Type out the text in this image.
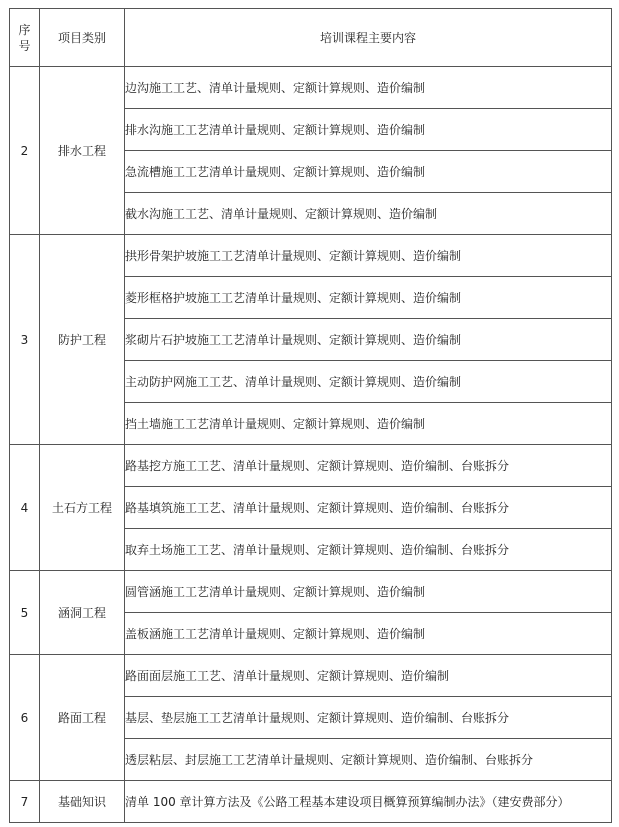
序
号	项目类别	培训课程主要内容
2	排水工程	边沟施工工艺、清单计量规则、定额计算规则、造价编制
		排水沟施工工艺清单计量规则、定额计算规则、造价编制
		急流槽施工工艺清单计量规则、定额计算规则、造价编制
		截水沟施工工艺、清单计量规则、定额计算规则、造价编制
3	防护工程	拱形骨架护坡施工工艺清单计量规则、定额计算规则、造价编制
		菱形框格护坡施工工艺清单计量规则、定额计算规则、造价编制
		浆砌片石护坡施工工艺清单计量规则、定额计算规则、造价编制
		主动防护网施工工艺、清单计量规则、定额计算规则、造价编制
		挡土墙施工工艺清单计量规则、定额计算规则、造价编制
4	土石方工程	路基挖方施工工艺、清单计量规则、定额计算规则、造价编制、台账拆分
		路基填筑施工工艺、清单计量规则、定额计算规则、造价编制、台账拆分
		取弃土场施工工艺、清单计量规则、定额计算规则、造价编制、台账拆分
5	涵洞工程	圆管涵施工工艺清单计量规则、定额计算规则、造价编制
		盖板涵施工工艺清单计量规则、定额计算规则、造价编制
6	路面工程	路面面层施工工艺、清单计量规则、定额计算规则、造价编制
		基层、垫层施工工艺清单计量规则、定额计算规则、造价编制、台账拆分
		透层粘层、封层施工工艺清单计量规则、定额计算规则、造价编制、台账拆分
7	基础知识	清单 100 章计算方法及《公路工程基本建设项目概算预算编制办法》（建安费部分）
